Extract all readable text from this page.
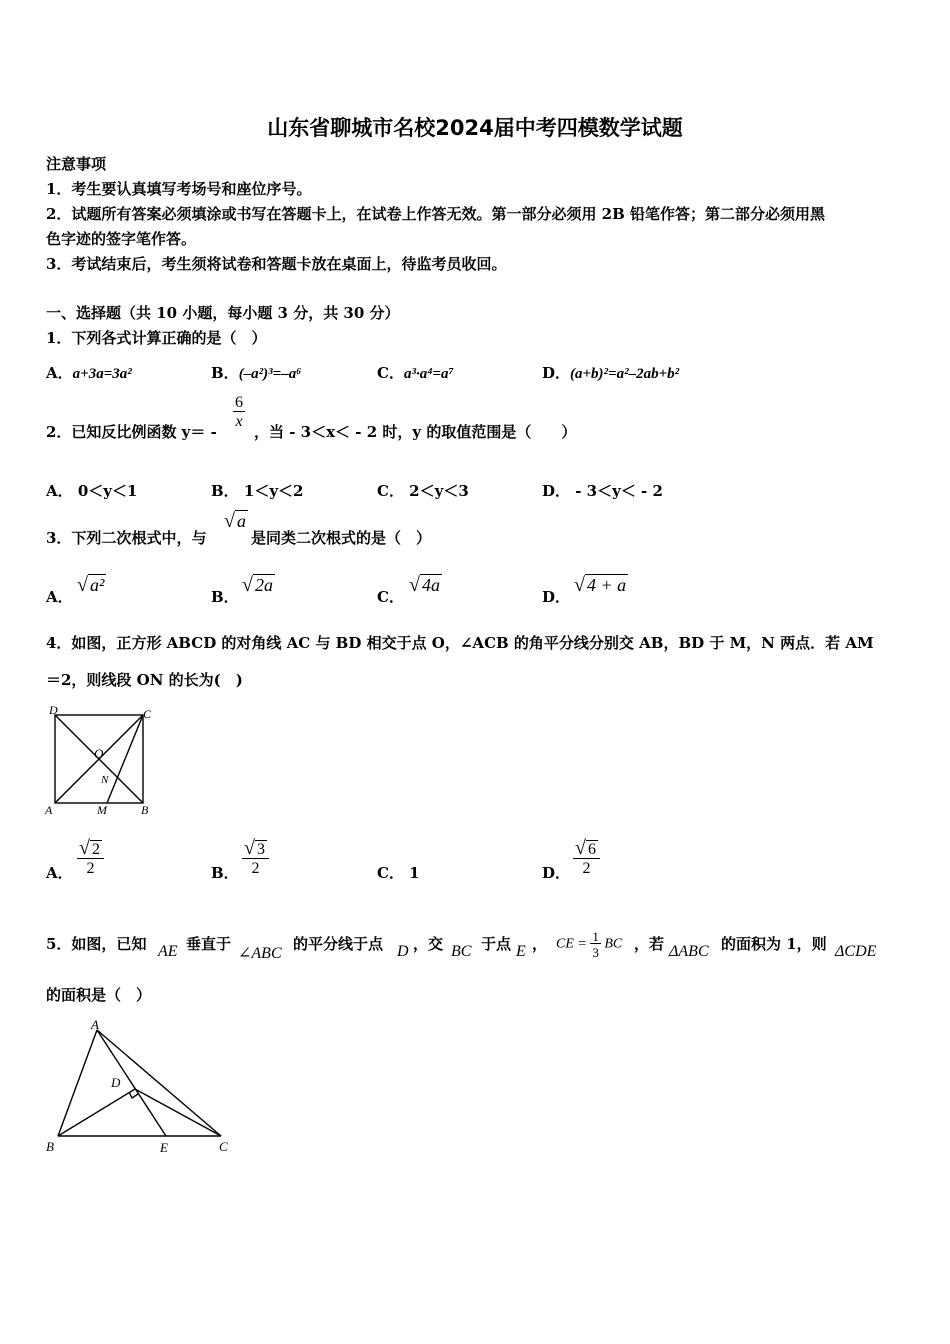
山东省聊城市名校2024届中考四模数学试题
注意事项
1．考生要认真填写考场号和座位序号。
2．试题所有答案必须填涂或书写在答题卡上，在试卷上作答无效。第一部分必须用 2B 铅笔作答；第二部分必须用黑
色字迹的签字笔作答。
3．考试结束后，考生须将试卷和答题卡放在桌面上，待监考员收回。
一、选择题（共 10 小题，每小题 3 分，共 30 分）
1．下列各式计算正确的是（　）
A．a+3a=3a²	B．(–a²)³=–a⁶	C．a³·a⁴=a⁷	D．(a+b)²=a²–2ab+b²
2．已知反比例函数 y＝ -
$\frac{6}{x}$
，当 - 3＜x＜ - 2 时，y 的取值范围是（　　）
A． 0＜y＜1	B． 1＜y＜2	C． 2＜y＜3	D． - 3＜y＜ - 2
3．下列二次根式中，与
√ a
是同类二次根式的是（　）
A．
√ a²
B．
√ 2a
C．
√ 4a
D．
√ 4 + a
4．如图，正方形 ABCD 的对角线 AC 与 BD 相交于点 O，∠ACB 的角平分线分别交 AB，BD 于 M，N 两点．若 AM
＝2，则线段 ON 的长为(　)
D	C
O
N
A	M	B
A． $\frac{√ 2}{2}$	B． $\frac{√ 3}{2}$	C． 1	D． $\frac{√ 6}{2}$
5．如图，已知 AE 垂直于
∠ABC
的平分线于点 D ，交 BC 于点 E ， CE = $\frac{1}{3}$ BC ，若 ΔABC 的面积为 1，则 ΔCDE
的面积是（　）
A
D
B	E	C
